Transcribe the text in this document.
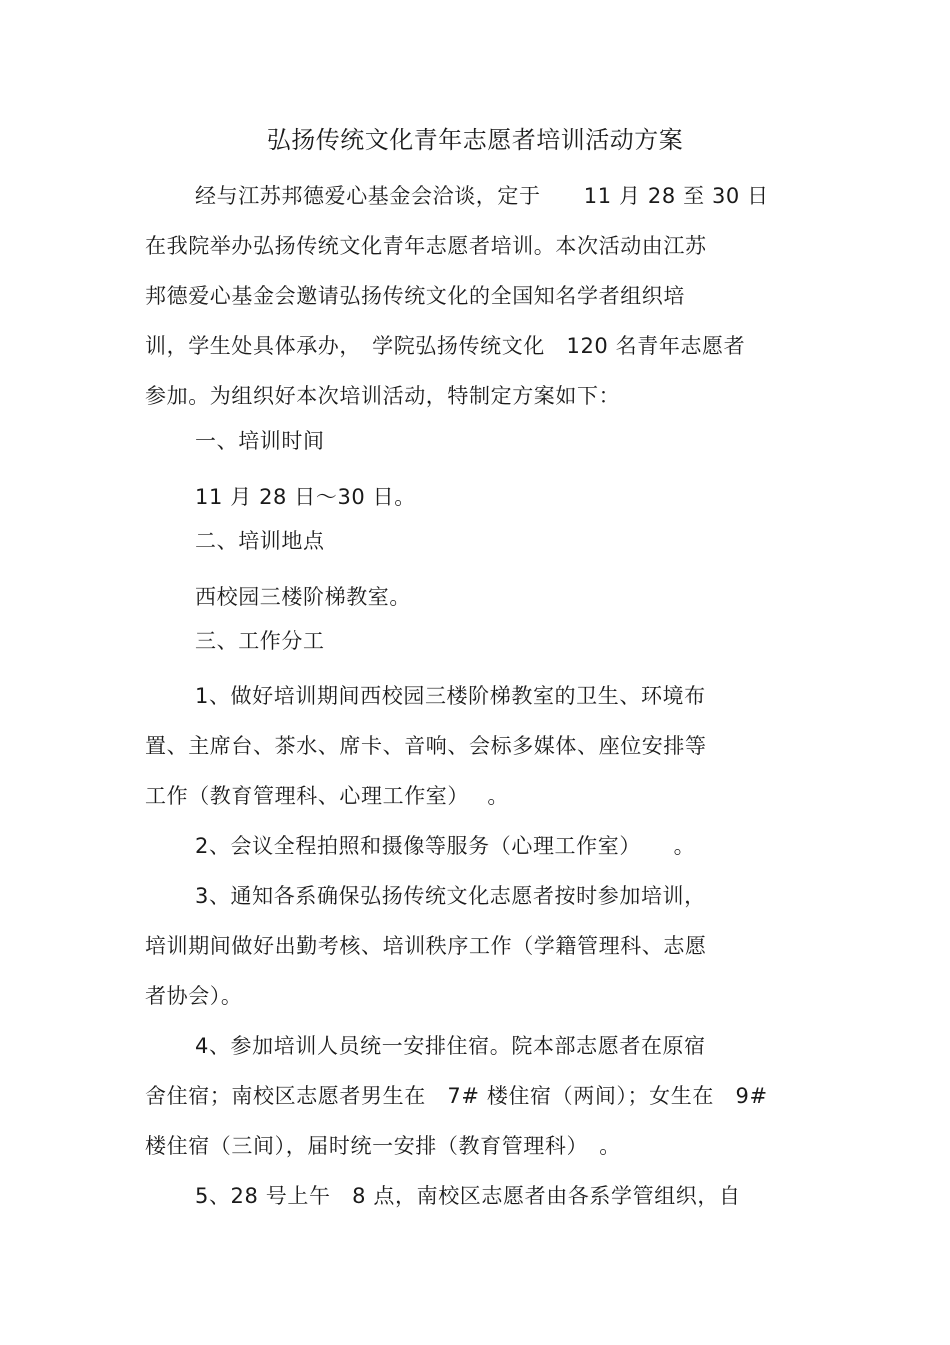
弘扬传统文化青年志愿者培训活动方案
经与江苏邦德爱心基金会洽谈，定于　　11 月 28 至 30 日
在我院举办弘扬传统文化青年志愿者培训。本次活动由江苏
邦德爱心基金会邀请弘扬传统文化的全国知名学者组织培
训，学生处具体承办，　学院弘扬传统文化　120 名青年志愿者
参加。为组织好本次培训活动，特制定方案如下：
一、培训时间
11 月 28 日～30 日。
二、培训地点
西校园三楼阶梯教室。
三、工作分工
1、做好培训期间西校园三楼阶梯教室的卫生、环境布
置、主席台、茶水、席卡、音响、会标多媒体、座位安排等
工作（教育管理科、心理工作室）　 。
2、会议全程拍照和摄像等服务（心理工作室）　　。
3、通知各系确保弘扬传统文化志愿者按时参加培训，
培训期间做好出勤考核、培训秩序工作（学籍管理科、志愿
者协会）。
4、参加培训人员统一安排住宿。院本部志愿者在原宿
舍住宿；南校区志愿者男生在　7# 楼住宿（两间）；女生在　9#
楼住宿（三间），届时统一安排（教育管理科）　。
5、28 号上午　8 点，南校区志愿者由各系学管组织，自
